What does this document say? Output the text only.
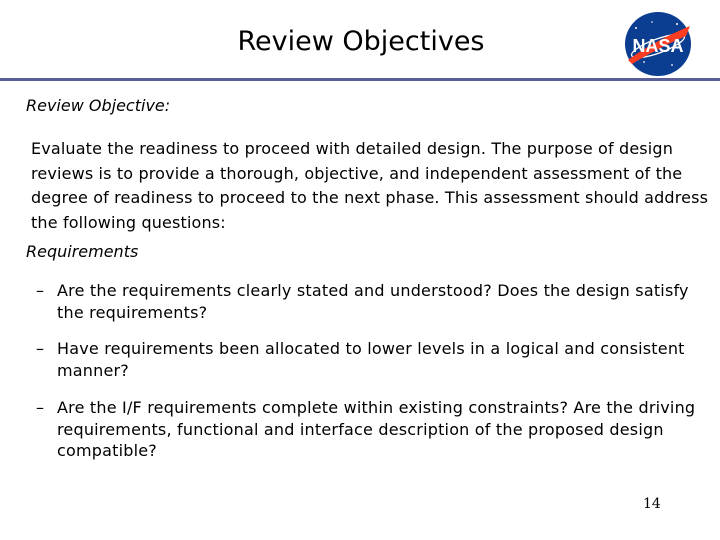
Review Objectives	NASA
Review Objective:
Evaluate the readiness to proceed with detailed design. The purpose of design reviews is to provide a thorough, objective, and independent assessment of the degree of readiness to proceed to the next phase. This assessment should address the following questions:
Requirements
– Are the requirements clearly stated and understood? Does the design satisfy the requirements?
– Have requirements been allocated to lower levels in a logical and consistent manner?
– Are the I/F requirements complete within existing constraints? Are the driving requirements, functional and interface description of the proposed design compatible?
14
